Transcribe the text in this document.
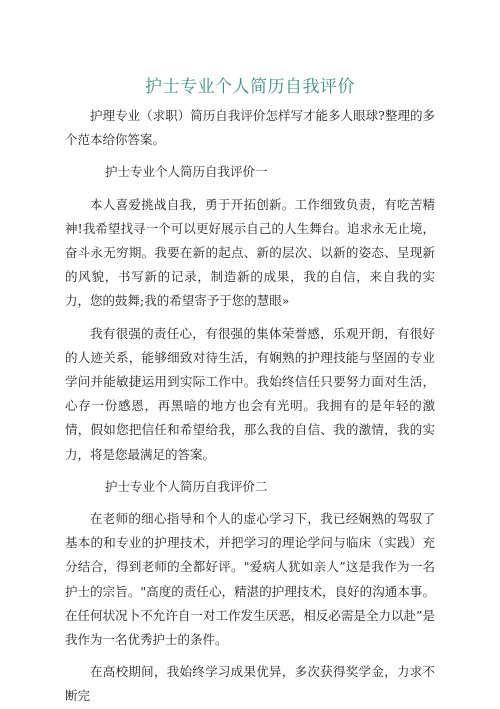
护士专业个人简历自我评价

护理专业（求职）简历自我评价怎样写才能多人眼球?整理的多个范本给你答案。

护士专业个人简历自我评价一

本人喜爱挑战自我，勇于开拓创新。工作细致负责，有吃苦精神!我希望找寻一个可以更好展示自己的人生舞台。追求永无止境，奋斗永无穷期。我要在新的起点、新的层次、以新的姿态、呈现新的风貌，书写新的记录，制造新的成果，我的自信，来自我的实力，您的鼓舞;我的希望寄予于您的慧眼»

我有很强的责任心，有很强的集体荣誉感，乐观开朗，有很好的人迹关系，能够细致对待生活，有娴熟的护理技能与坚固的专业学问并能敏捷运用到实际工作中。我始终信任只要努力面对生活，心存一份感恩，再黑暗的地方也会有光明。我拥有的是年轻的激情，假如您把信任和希望给我，那么我的自信、我的激情，我的实力，将是您最满足的答案。

护士专业个人简历自我评价二

在老师的细心指导和个人的虚心学习下，我已经娴熟的驾驭了基本的和专业的护理技术，并把学习的理论学问与临床（实践）充分结合，得到老师的全都好评。"爱病人犹如亲人”这是我作为一名护士的宗旨。"高度的责任心，精湛的护理技术，良好的沟通本事。在任何状况卜不允许自一对工作发生厌恶，相反必需是全力以赴”是我作为一名优秀护士的条件。

在高校期间，我始终学习成果优异，多次获得奖学金，力求不断完
